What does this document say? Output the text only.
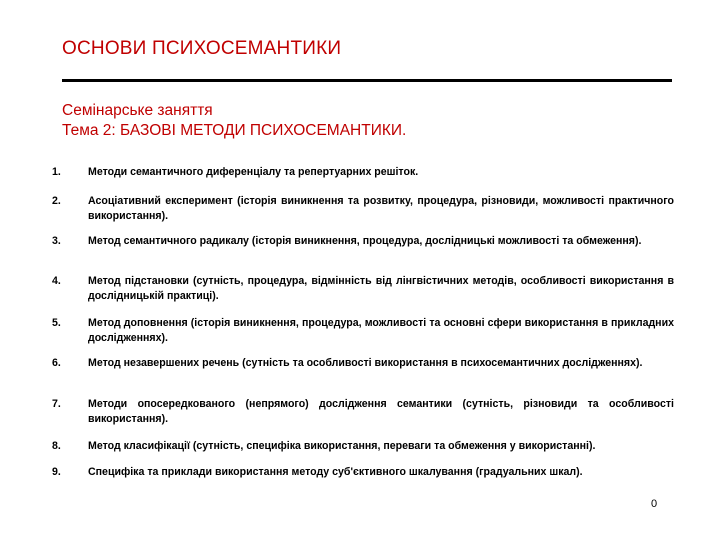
ОСНОВИ ПСИХОСЕМАНТИКИ
Семінарське заняття
Тема 2: БАЗОВІ МЕТОДИ ПСИХОСЕМАНТИКИ.
1.	Методи семантичного диференціалу та репертуарних решіток.
2.	Асоціативний експеримент (історія виникнення та розвитку, процедура, різновиди, можливості практичного використання).
3.	Метод семантичного радикалу (історія виникнення, процедура, дослідницькі можливості та обмеження).
4.	Метод підстановки (сутність, процедура, відмінність від лінгвістичних методів, особливості використання в дослідницькій практиці).
5.	Метод доповнення (історія виникнення, процедура, можливості та основні сфери використання в прикладних дослідженнях).
6.	Метод незавершених речень (сутність та особливості використання в психосемантичних дослідженнях).
7.	Методи опосередкованого (непрямого) дослідження семантики (сутність, різновиди та особливості використання).
8.	Метод класифікації (сутність, специфіка використання, переваги та обмеження у використанні).
9.	Специфіка та приклади використання методу суб'єктивного шкалування (градуальних шкал).
0
